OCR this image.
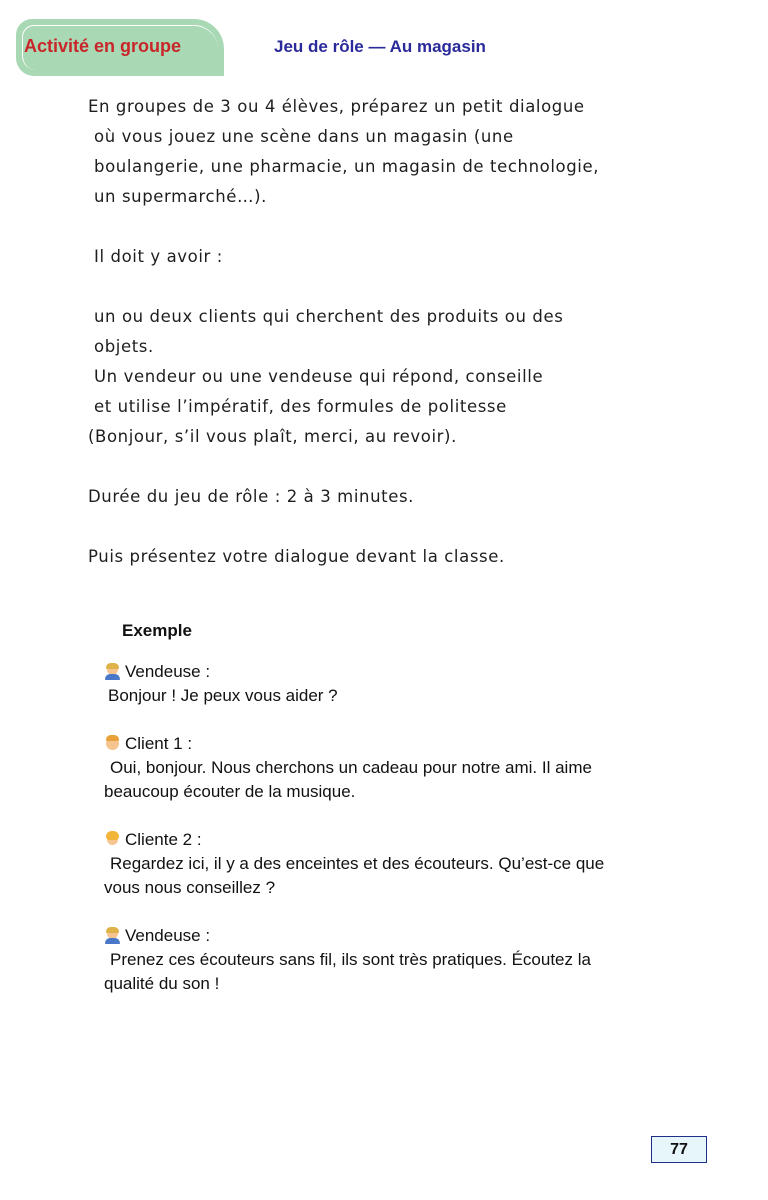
Activité en groupe	Jeu de rôle — Au magasin
En groupes de 3 ou 4 élèves, préparez un petit dialogue
où vous jouez une scène dans un magasin (une
boulangerie, une pharmacie, un magasin de technologie,
un supermarché…).
Il doit y avoir :
un ou deux clients qui cherchent des produits ou des
objets.
Un vendeur ou une vendeuse qui répond, conseille
et utilise l’impératif, des formules de politesse
(Bonjour, s’il vous plaît, merci, au revoir).
Durée du jeu de rôle : 2 à 3 minutes.
Puis présentez votre dialogue devant la classe.
Exemple
Vendeuse :
Bonjour ! Je peux vous aider ?
Client 1 :
Oui, bonjour. Nous cherchons un cadeau pour notre ami. Il aime
beaucoup écouter de la musique.
Cliente 2 :
Regardez ici, il y a des enceintes et des écouteurs. Qu’est-ce que
vous nous conseillez ?
Vendeuse :
Prenez ces écouteurs sans fil, ils sont très pratiques. Écoutez la
qualité du son !
77
